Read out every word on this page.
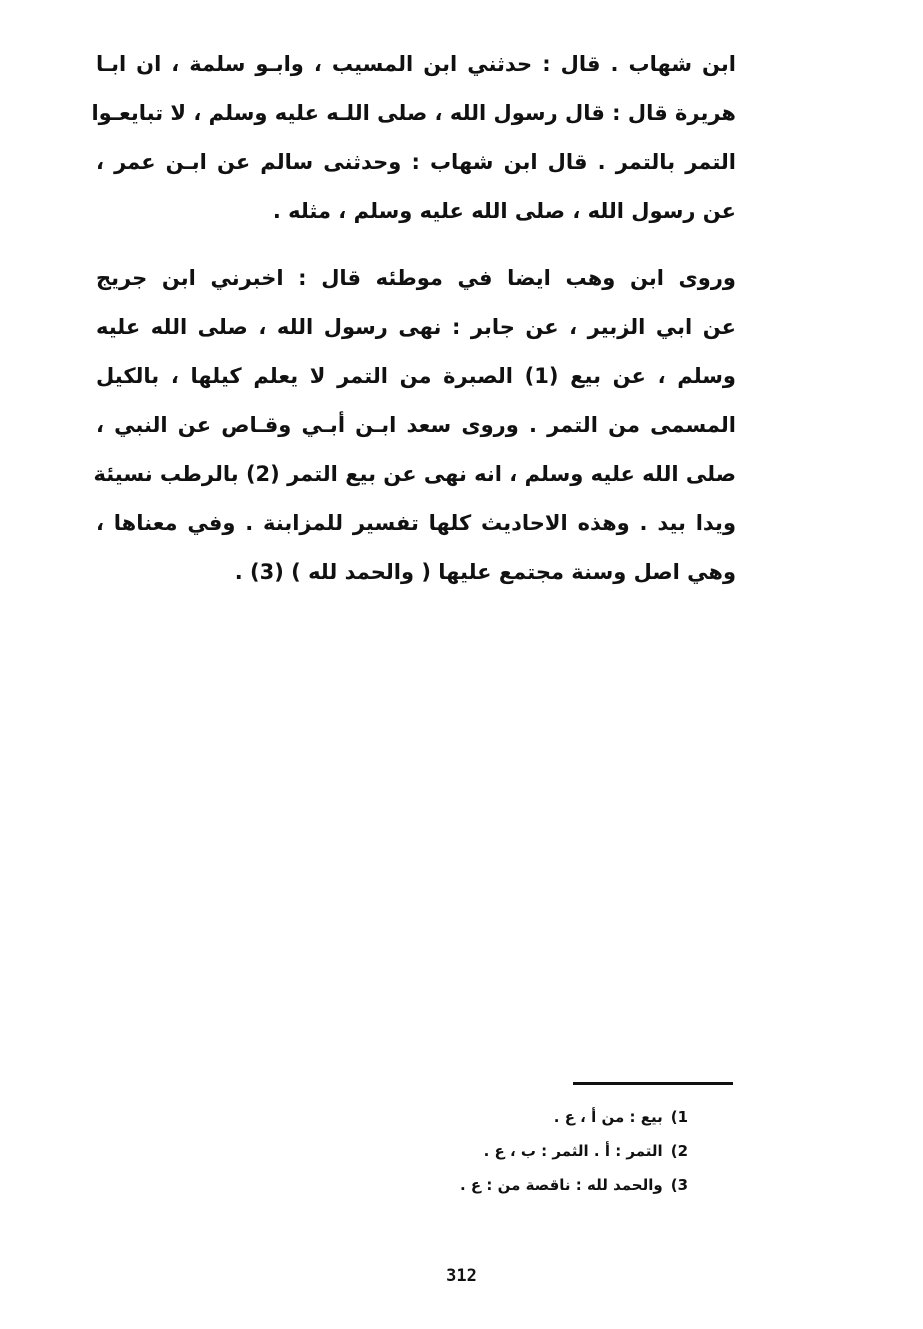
ابن شهاب . قال : حدثني ابن المسيب ، وابـو سلمة ، ان ابـا
هريرة قال : قال رسول الله ، صلى اللـه عليه وسلم ، لا تبايعـوا
التمر بالتمر . قال ابن شهاب : وحدثنى سالم عن ابـن عمر ،
عن رسول الله ، صلى الله عليه وسلم ، مثله .
وروى ابن وهب ايضا في موطئه قال : اخبرني ابن جريج
عن ابي الزبير ، عن جابر : نهى رسول الله ، صلى الله عليه
وسلم ، عن بيع (1) الصبرة من التمر لا يعلم كيلها ، بالكيل
المسمى من التمر . وروى سعد ابـن أبـي وقـاص عن النبي ،
صلى الله عليه وسلم ، انه نهى عن بيع التمر (2) بالرطب نسيئة
ويدا بيد . وهذه الاحاديث كلها تفسير للمزابنة . وفي معناها ،
وهي اصل وسنة مجتمع عليها ( والحمد لله ) (3) .
1)بيع : من أ ، ع .
2)التمر : أ . الثمر : ب ، ع .
3)والحمد لله : ناقصة من : ع .
312
